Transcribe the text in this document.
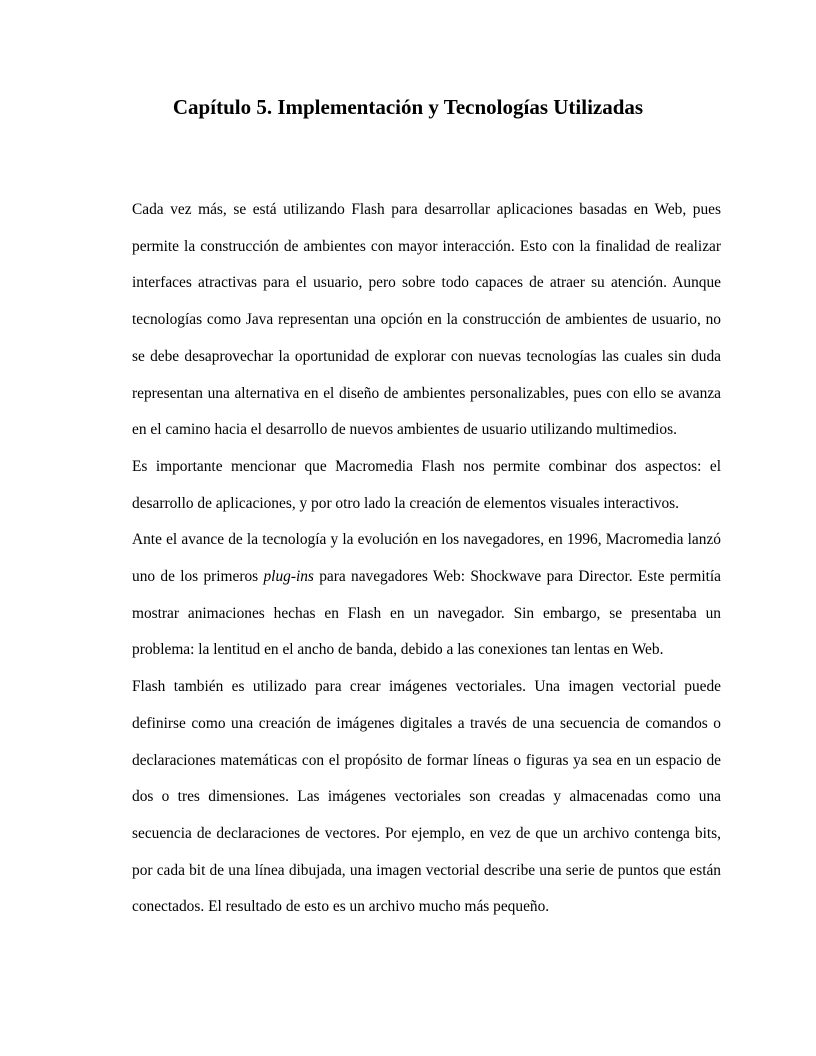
Capítulo 5. Implementación y Tecnologías Utilizadas

Cada vez más, se está utilizando Flash para desarrollar aplicaciones basadas en Web, pues permite la construcción de ambientes con mayor interacción. Esto con la finalidad de realizar interfaces atractivas para el usuario, pero sobre todo capaces de atraer su atención. Aunque tecnologías como Java representan una opción en la construcción de ambientes de usuario, no se debe desaprovechar la oportunidad de explorar con nuevas tecnologías las cuales sin duda representan una alternativa en el diseño de ambientes personalizables, pues con ello se avanza en el camino hacia el desarrollo de nuevos ambientes de usuario utilizando multimedios.

Es importante mencionar que Macromedia Flash nos permite combinar dos aspectos: el desarrollo de aplicaciones, y por otro lado la creación de elementos visuales interactivos.

Ante el avance de la tecnología y la evolución en los navegadores, en 1996, Macromedia lanzó uno de los primeros plug-ins para navegadores Web: Shockwave para Director. Este permitía mostrar animaciones hechas en Flash en un navegador. Sin embargo, se presentaba un problema: la lentitud en el ancho de banda, debido a las conexiones tan lentas en Web.

Flash también es utilizado para crear imágenes vectoriales. Una imagen vectorial puede definirse como una creación de imágenes digitales a través de una secuencia de comandos o declaraciones matemáticas con el propósito de formar líneas o figuras ya sea en un espacio de dos o tres dimensiones. Las imágenes vectoriales son creadas y almacenadas como una secuencia de declaraciones de vectores. Por ejemplo, en vez de que un archivo contenga bits, por cada bit de una línea dibujada, una imagen vectorial describe una serie de puntos que están conectados. El resultado de esto es un archivo mucho más pequeño.
